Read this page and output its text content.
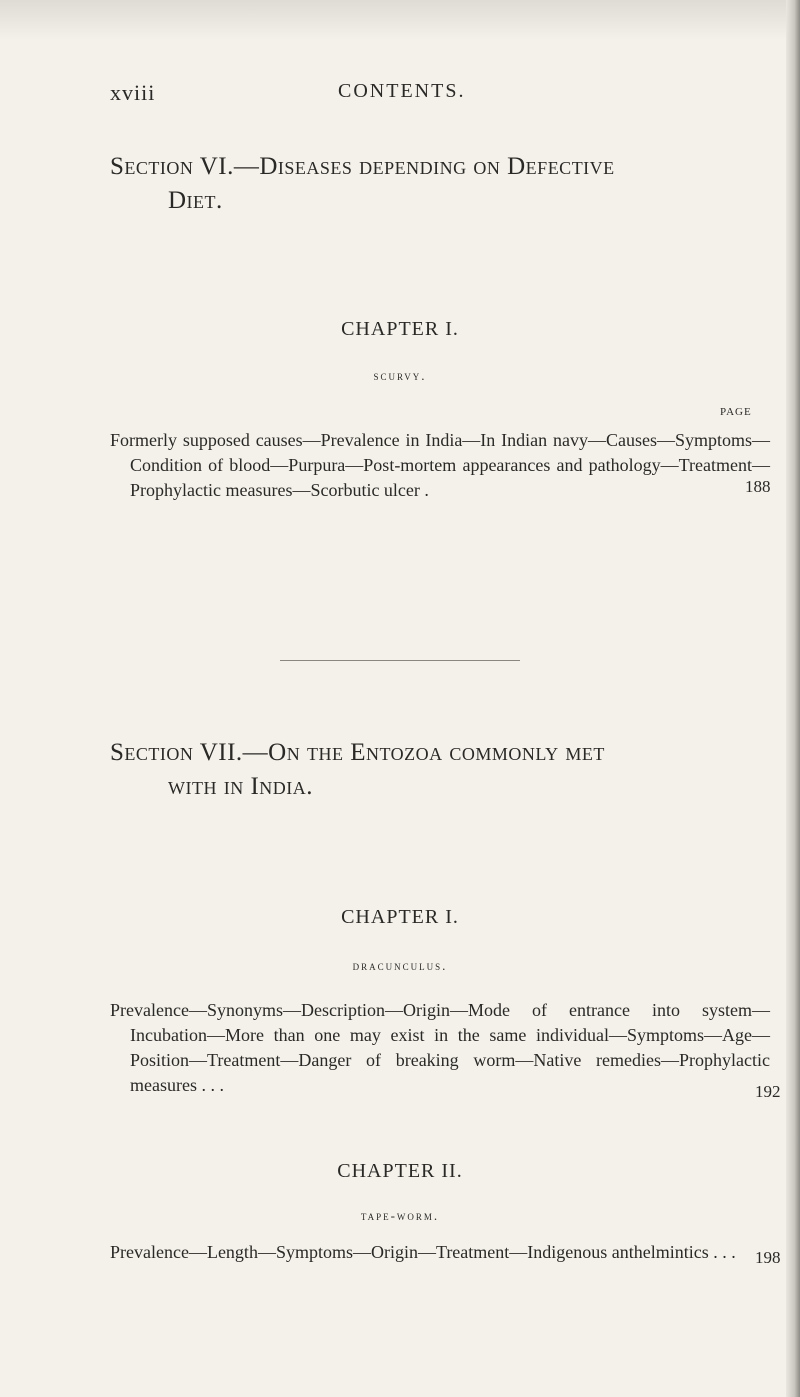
xviii	CONTENTS.
Section VI.—Diseases depending on Defective
Diet.
CHAPTER I.
scurvy.
PAGE
Formerly supposed causes—Prevalence in India—In Indian navy—Causes—Symptoms—Condition of blood—Purpura—Post-mortem appearances and pathology—Treatment—Prophylactic measures—Scorbutic ulcer .	188
Section VII.—On the Entozoa commonly met
with in India.
CHAPTER I.
dracunculus.
Prevalence—Synonyms—Description—Origin—Mode of entrance into system—Incubation—More than one may exist in the same individual—Symptoms—Age—Position—Treatment—Danger of breaking worm—Native remedies—Prophylactic measures . . .	192
CHAPTER II.
tape-worm.
Prevalence—Length—Symptoms—Origin—Treatment—Indigenous anthelmintics . . .	198
